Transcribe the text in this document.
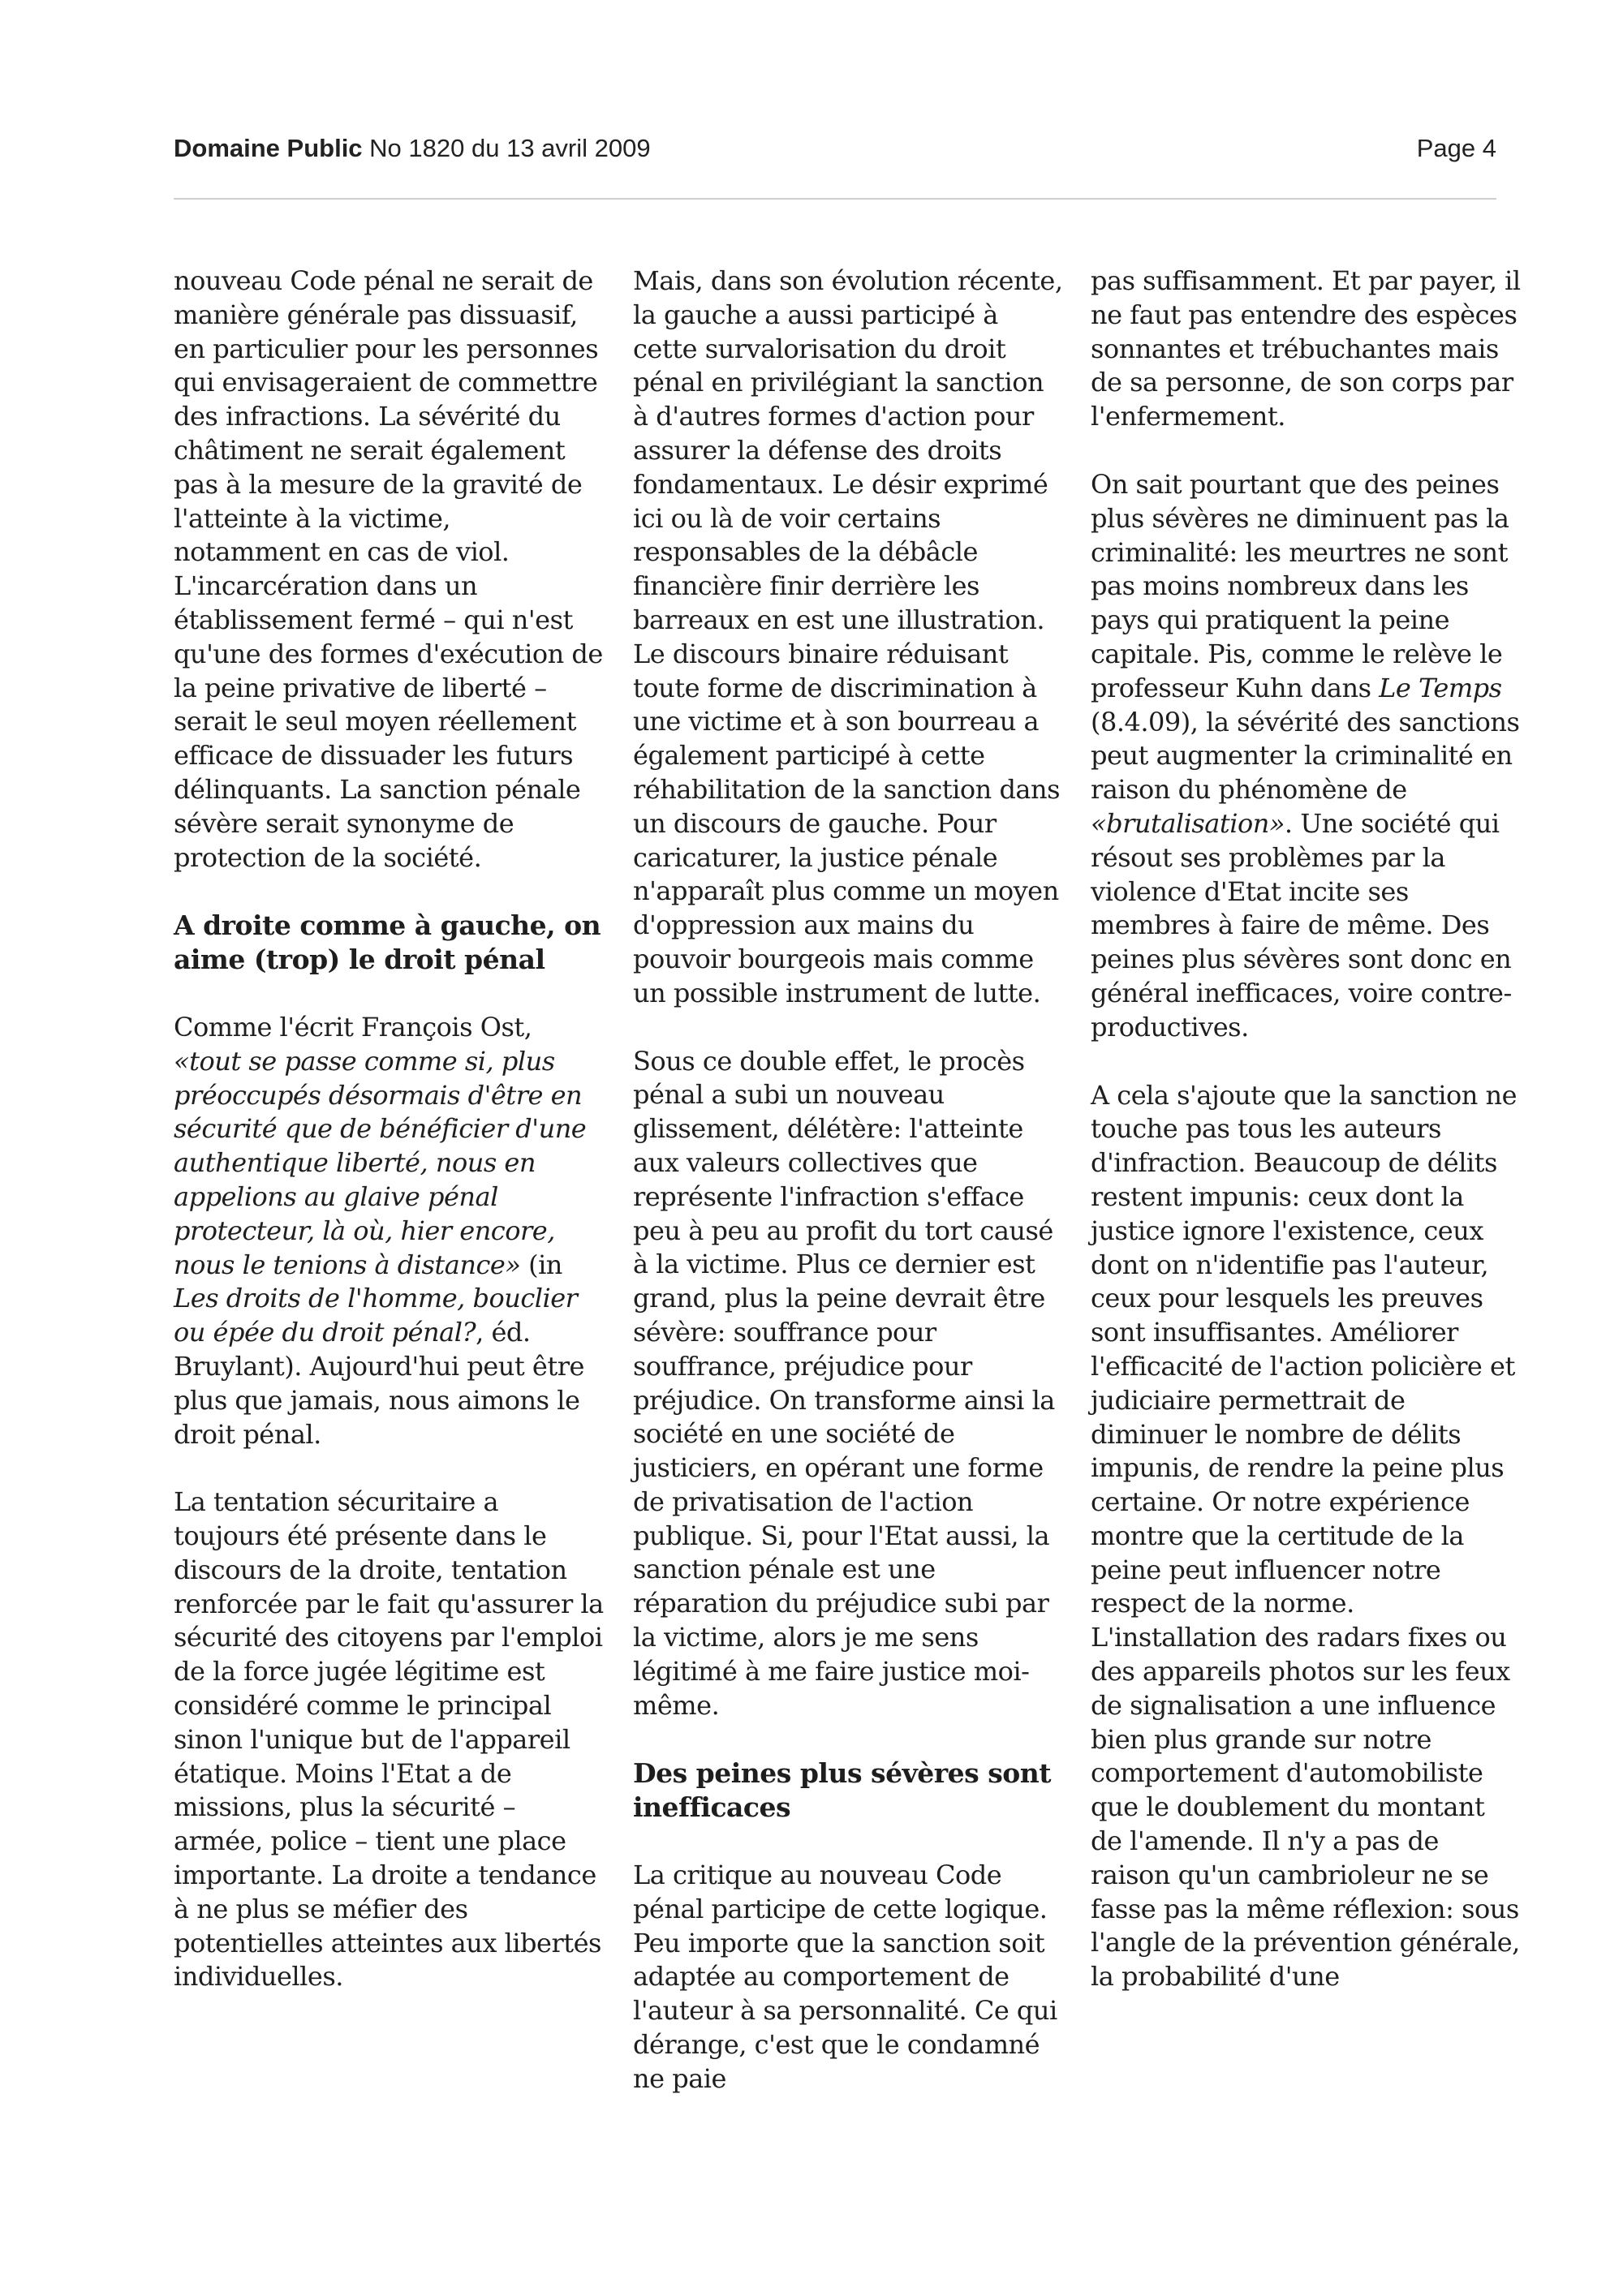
Domaine Public No 1820 du 13 avril 2009	Page 4

nouveau Code pénal ne serait de manière générale pas dissuasif, en particulier pour les personnes qui envisageraient de commettre des infractions. La sévérité du châtiment ne serait également pas à la mesure de la gravité de l'atteinte à la victime, notamment en cas de viol. L'incarcération dans un établissement fermé – qui n'est qu'une des formes d'exécution de la peine privative de liberté – serait le seul moyen réellement efficace de dissuader les futurs délinquants. La sanction pénale sévère serait synonyme de protection de la société.

A droite comme à gauche, on aime (trop) le droit pénal

Comme l'écrit François Ost, «tout se passe comme si, plus préoccupés désormais d'être en sécurité que de bénéficier d'une authentique liberté, nous en appelions au glaive pénal protecteur, là où, hier encore, nous le tenions à distance» (in Les droits de l'homme, bouclier ou épée du droit pénal?, éd. Bruylant). Aujourd'hui peut être plus que jamais, nous aimons le droit pénal.

La tentation sécuritaire a toujours été présente dans le discours de la droite, tentation renforcée par le fait qu'assurer la sécurité des citoyens par l'emploi de la force jugée légitime est considéré comme le principal sinon l'unique but de l'appareil étatique. Moins l'Etat a de missions, plus la sécurité – armée, police – tient une place importante. La droite a tendance à ne plus se méfier des potentielles atteintes aux libertés individuelles.

Mais, dans son évolution récente, la gauche a aussi participé à cette survalorisation du droit pénal en privilégiant la sanction à d'autres formes d'action pour assurer la défense des droits fondamentaux. Le désir exprimé ici ou là de voir certains responsables de la débâcle financière finir derrière les barreaux en est une illustration. Le discours binaire réduisant toute forme de discrimination à une victime et à son bourreau a également participé à cette réhabilitation de la sanction dans un discours de gauche. Pour caricaturer, la justice pénale n'apparaît plus comme un moyen d'oppression aux mains du pouvoir bourgeois mais comme un possible instrument de lutte.

Sous ce double effet, le procès pénal a subi un nouveau glissement, délétère: l'atteinte aux valeurs collectives que représente l'infraction s'efface peu à peu au profit du tort causé à la victime. Plus ce dernier est grand, plus la peine devrait être sévère: souffrance pour souffrance, préjudice pour préjudice. On transforme ainsi la société en une société de justiciers, en opérant une forme de privatisation de l'action publique. Si, pour l'Etat aussi, la sanction pénale est une réparation du préjudice subi par la victime, alors je me sens légitimé à me faire justice moi-même.

Des peines plus sévères sont inefficaces

La critique au nouveau Code pénal participe de cette logique. Peu importe que la sanction soit adaptée au comportement de l'auteur à sa personnalité. Ce qui dérange, c'est que le condamné ne paie

pas suffisamment. Et par payer, il ne faut pas entendre des espèces sonnantes et trébuchantes mais de sa personne, de son corps par l'enfermement.

On sait pourtant que des peines plus sévères ne diminuent pas la criminalité: les meurtres ne sont pas moins nombreux dans les pays qui pratiquent la peine capitale. Pis, comme le relève le professeur Kuhn dans Le Temps (8.4.09), la sévérité des sanctions peut augmenter la criminalité en raison du phénomène de «brutalisation». Une société qui résout ses problèmes par la violence d'Etat incite ses membres à faire de même. Des peines plus sévères sont donc en général inefficaces, voire contre-productives.

A cela s'ajoute que la sanction ne touche pas tous les auteurs d'infraction. Beaucoup de délits restent impunis: ceux dont la justice ignore l'existence, ceux dont on n'identifie pas l'auteur, ceux pour lesquels les preuves sont insuffisantes. Améliorer l'efficacité de l'action policière et judiciaire permettrait de diminuer le nombre de délits impunis, de rendre la peine plus certaine. Or notre expérience montre que la certitude de la peine peut influencer notre respect de la norme. L'installation des radars fixes ou des appareils photos sur les feux de signalisation a une influence bien plus grande sur notre comportement d'automobiliste que le doublement du montant de l'amende. Il n'y a pas de raison qu'un cambrioleur ne se fasse pas la même réflexion: sous l'angle de la prévention générale, la probabilité d'une
